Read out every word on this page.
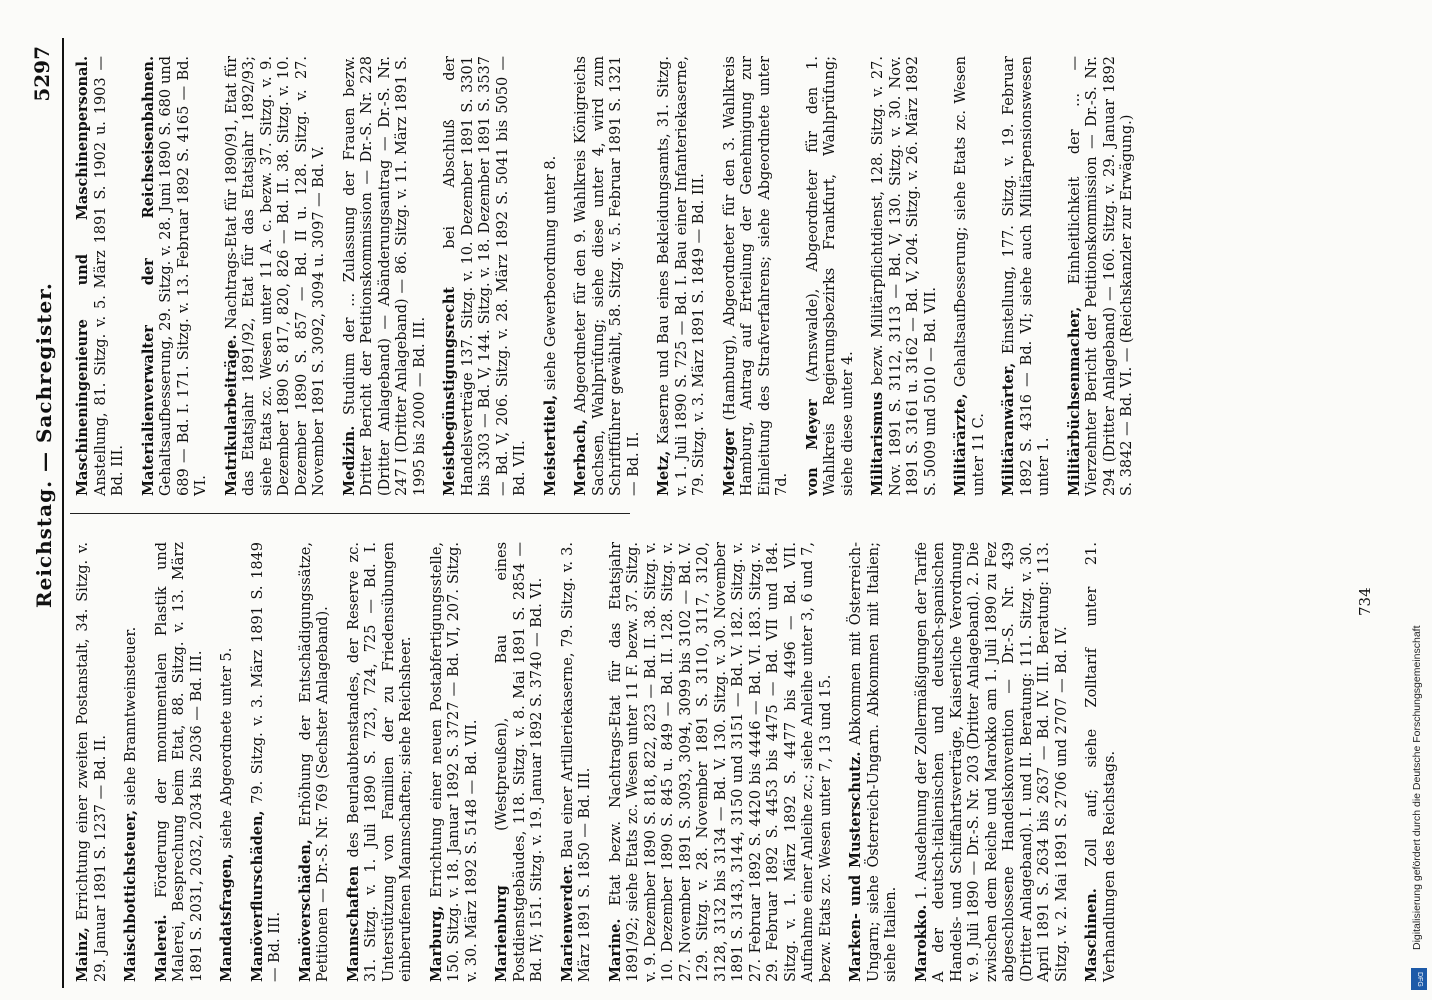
Reichstag. — Sachregister.
5297

Mainz, Errichtung einer zweiten Postanstalt, 34. Sitzg. v. 29. Januar 1891 S. 1237 — Bd. II. Maischbottichsteuer, siehe Branntweinsteuer.

Malerei. Förderung der monumentalen Plastik und Malerei, Besprechung beim Etat, 88. Sitzg. v. 13. März 1891 S. 2031, 2032, 2034 bis 2036 — Bd. III. Mandatsfragen, siehe Abgeordnete unter 5.

Manöverflurschäden, 79. Sitzg. v. 3. März 1891 S. 1849 — Bd. III. Manöverschäden, Erhöhung der Entschädigungssätze, Petitionen — Dr.-S. Nr. 769 (Sechster Anlageband). Mannschaften des Beurlaubtenstandes, der Reserve zc. 31. Sitzg. v. 1. Juli 1890 S. 723, 724, 725 — Bd. I. Unterstützung von Familien der zu Friedensübungen einberufenen Mannschaften; siehe Reichsheer. Marburg, Errichtung einer neuen Postabfertigungsstelle, 150. Sitzg. v. 18. Januar 1892 S. 3727 — Bd. VI, 207. Sitzg. v. 30. März 1892 S. 5148 — Bd. VII. Marienburg (Westpreußen), Bau eines Postdienstgebäudes, 118. Sitzg. v. 8. Mai 1891 S. 2854 — Bd. IV; 151. Sitzg. v. 19. Januar 1892 S. 3740 — Bd. VI. Marienwerder. Bau einer Artilleriekaserne, 79. Sitzg. v. 3. März 1891 S. 1850 — Bd. III. Marine. Etat bezw. Nachtrags-Etat für das Etatsjahr 1891/92; siehe Etats zc. Wesen unter 11 F. bezw. 37. Sitzg. v. 9. Dezember 1890 S. 818, 822, 823 — Bd. II. 38. Sitzg. v. 10. Dezember 1890 S. 845 u. 849 — Bd. II. 128. Sitzg. v. 27. November 1891 S. 3093, 3094, 3099 bis 3102 — Bd. V. 129. Sitzg. v. 28. November 1891 S. 3110, 3117, 3120, 3128, 3132 bis 3134 — Bd. V. 130. Sitzg. v. 30. November 1891 S. 3143, 3144, 3150 und 3151 — Bd. V. 182. Sitzg. v. 27. Februar 1892 S. 4420 bis 4446 — Bd. VI. 183. Sitzg. v. 29. Februar 1892 S. 4453 bis 4475 — Bd. VII und 184. Sitzg. v. 1. März 1892 S. 4477 bis 4496 — Bd. VII. Aufnahme einer Anleihe zc.; siehe Anleihe unter 3, 6 und 7, bezw. Etats zc. Wesen unter 7, 13 und 15. Marken- und Musterschutz. Abkommen mit Österreich-Ungarn; siehe Österreich-Ungarn. Abkommen mit Italien; siehe Italien. Marokko. 1. Ausdehnung der Zollermäßigungen der Tarife A der deutsch-italienischen und deutsch-spanischen Handels- und Schiffahrtsverträge, Kaiserliche Verordnung v. 9. Juli 1890 — Dr.-S. Nr. 203 (Dritter Anlageband). 2. Die zwischen dem Reiche und Marokko am 1. Juli 1890 zu Fez abgeschlossene Handelskonvention — Dr.-S. Nr. 439 (Dritter Anlageband). I. und II. Beratung: 111. Sitzg. v. 30. April 1891 S. 2634 bis 2637 — Bd. IV. III. Beratung: 113. Sitzg. v. 2. Mai 1891 S. 2706 und 2707 — Bd. IV. Maschinen. Zoll auf; siehe Zolltarif unter 21. Verhandlungen des Reichstags.

Maschineningenieure und Maschinenpersonal. Anstellung, 81. Sitzg. v. 5. März 1891 S. 1902 u. 1903 — Bd. III. Materialienverwalter der Reichseisenbahnen. Gehaltsaufbesserung, 29. Sitzg. v. 28. Juni 1890 S. 680 und 689 — Bd. I. 171. Sitzg. v. 13. Februar 1892 S. 4165 — Bd. VI. Matrikularbeiträge. Nachtrags-Etat für 1890/91, Etat für das Etatsjahr 1891/92, Etat für das Etatsjahr 1892/93; siehe Etats zc. Wesen unter 11 A. c. bezw. 37. Sitzg. v. 9. Dezember 1890 S. 817, 820, 826 — Bd. II. 38. Sitzg. v. 10. Dezember 1890 S. 857 — Bd. II u. 128. Sitzg. v. 27. November 1891 S. 3092, 3094 u. 3097 — Bd. V. Medizin. Studium der ... Zulassung der Frauen bezw. Dritter Bericht der Petitionskommission — Dr.-S. Nr. 228 (Dritter Anlageband) — Abänderungsantrag — Dr.-S. Nr. 247 I (Dritter Anlageband) — 86. Sitzg. v. 11. März 1891 S. 1995 bis 2000 — Bd. III. Meistbegünstigungsrecht bei Abschluß der Handelsverträge 137. Sitzg. v. 10. Dezember 1891 S. 3301 bis 3303 — Bd. V, 144. Sitzg. v. 18. Dezember 1891 S. 3537 — Bd. V, 206. Sitzg. v. 28. März 1892 S. 5041 bis 5050 — Bd. VII. Meistertitel, siehe Gewerbeordnung unter 8.

Merbach, Abgeordneter für den 9. Wahlkreis Königreichs Sachsen, Wahlprüfung; siehe diese unter 4, wird zum Schriftführer gewählt, 58. Sitzg. v. 5. Februar 1891 S. 1321 — Bd. II. Metz, Kaserne und Bau eines Bekleidungsamts, 31. Sitzg. v. 1. Juli 1890 S. 725 — Bd. I. Bau einer Infanteriekaserne, 79. Sitzg. v. 3. März 1891 S. 1849 — Bd. III. Metzger (Hamburg), Abgeordneter für den 3. Wahlkreis Hamburg, Antrag auf Erteilung der Genehmigung zur Einleitung des Strafverfahrens; siehe Abgeordnete unter 7d. von Meyer (Arnswalde), Abgeordneter für den 1. Wahlkreis Regierungsbezirks Frankfurt, Wahlprüfung; siehe diese unter 4. Militarismus bezw. Militärpflichtdienst, 128. Sitzg. v. 27. Nov. 1891 S. 3112, 3113 — Bd. V, 130. Sitzg. v. 30. Nov. 1891 S. 3161 u. 3162 — Bd. V, 204. Sitzg. v. 26. März 1892 S. 5009 und 5010 — Bd. VII. Militärärzte, Gehaltsaufbesserung; siehe Etats zc. Wesen unter 11 C. Militäranwärter, Einstellung, 177. Sitzg. v. 19. Februar 1892 S. 4316 — Bd. VI; siehe auch Militärpensionswesen unter 1. Militärbüchsenmacher, Einheitlichkeit der ... — Vierzehnter Bericht der Petitionskommission — Dr.-S. Nr. 294 (Dritter Anlageband) — 160. Sitzg. v. 29. Januar 1892 S. 3842 — Bd. VI. — (Reichskanzler zur Erwägung.)

734
Digitalisierung gefördert durch die Deutsche Forschungsgemeinschaft
DFG
